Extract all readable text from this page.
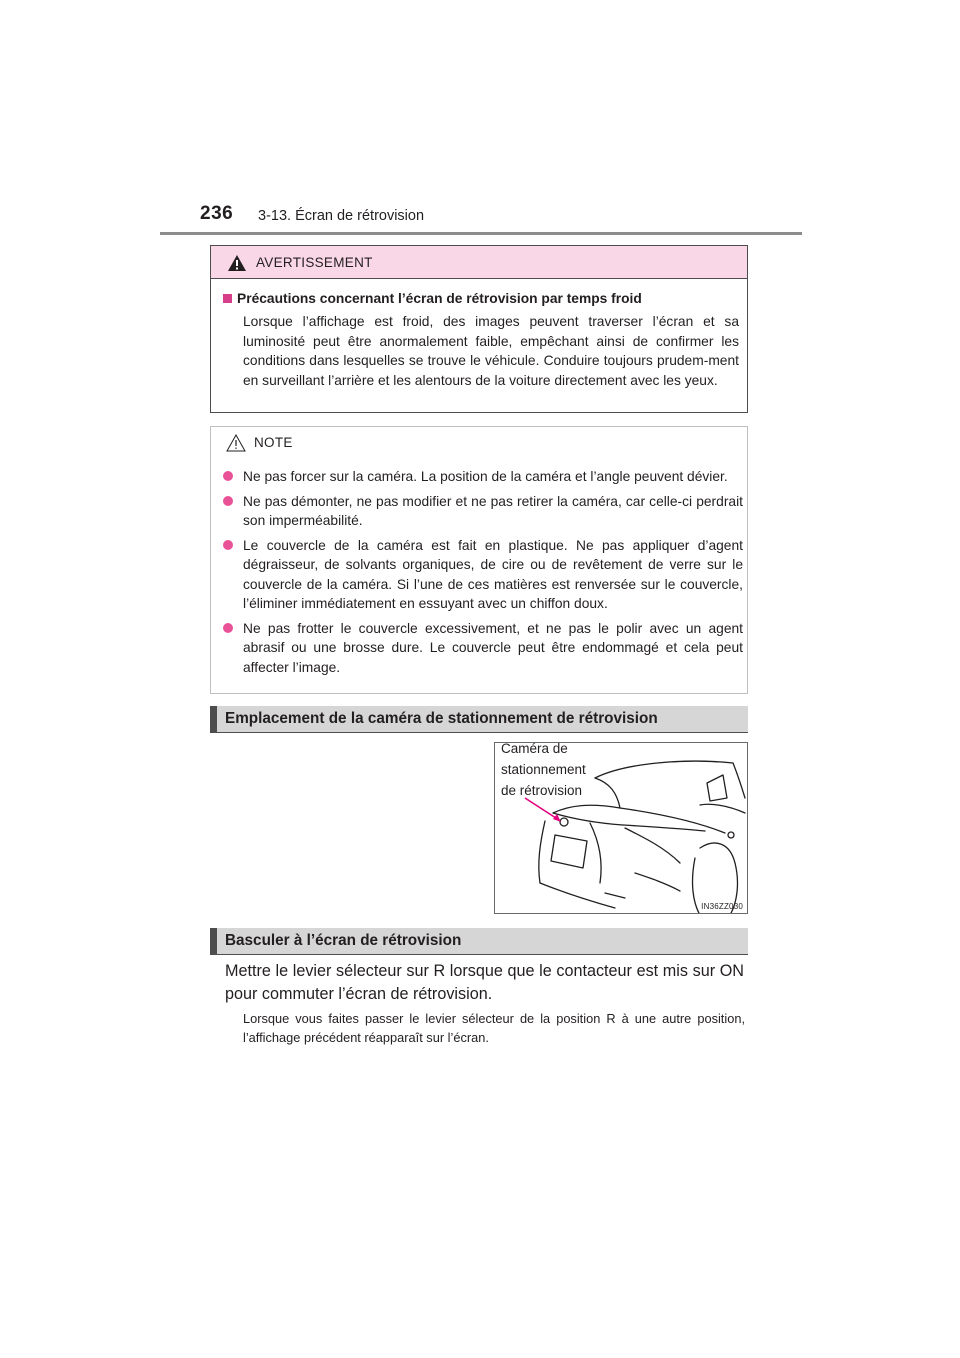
236 3-13. Écran de rétrovision
AVERTISSEMENT
Précautions concernant l’écran de rétrovision par temps froid
Lorsque l’affichage est froid, des images peuvent traverser l’écran et sa luminosité peut être anormalement faible, empêchant ainsi de confirmer les conditions dans lesquelles se trouve le véhicule. Conduire toujours prudem-ment en surveillant l’arrière et les alentours de la voiture directement avec les yeux.
NOTE
Ne pas forcer sur la caméra. La position de la caméra et l’angle peuvent dévier.
Ne pas démonter, ne pas modifier et ne pas retirer la caméra, car celle-ci perdrait son imperméabilité.
Le couvercle de la caméra est fait en plastique. Ne pas appliquer d’agent dégraisseur, de solvants organiques, de cire ou de revêtement de verre sur le couvercle de la caméra. Si l’une de ces matières est renversée sur le couvercle, l’éliminer immédiatement en essuyant avec un chiffon doux.
Ne pas frotter le couvercle excessivement, et ne pas le polir avec un agent abrasif ou une brosse dure. Le couvercle peut être endommagé et cela peut affecter l’image.
Emplacement de la caméra de stationnement de rétrovision
Caméra de
stationnement
de rétrovision
IN36ZZ030
Basculer à l’écran de rétrovision
Mettre le levier sélecteur sur R lorsque que le contacteur est mis sur ON pour commuter l’écran de rétrovision.
Lorsque vous faites passer le levier sélecteur de la position R à une autre position, l’affichage précédent réapparaît sur l’écran.
